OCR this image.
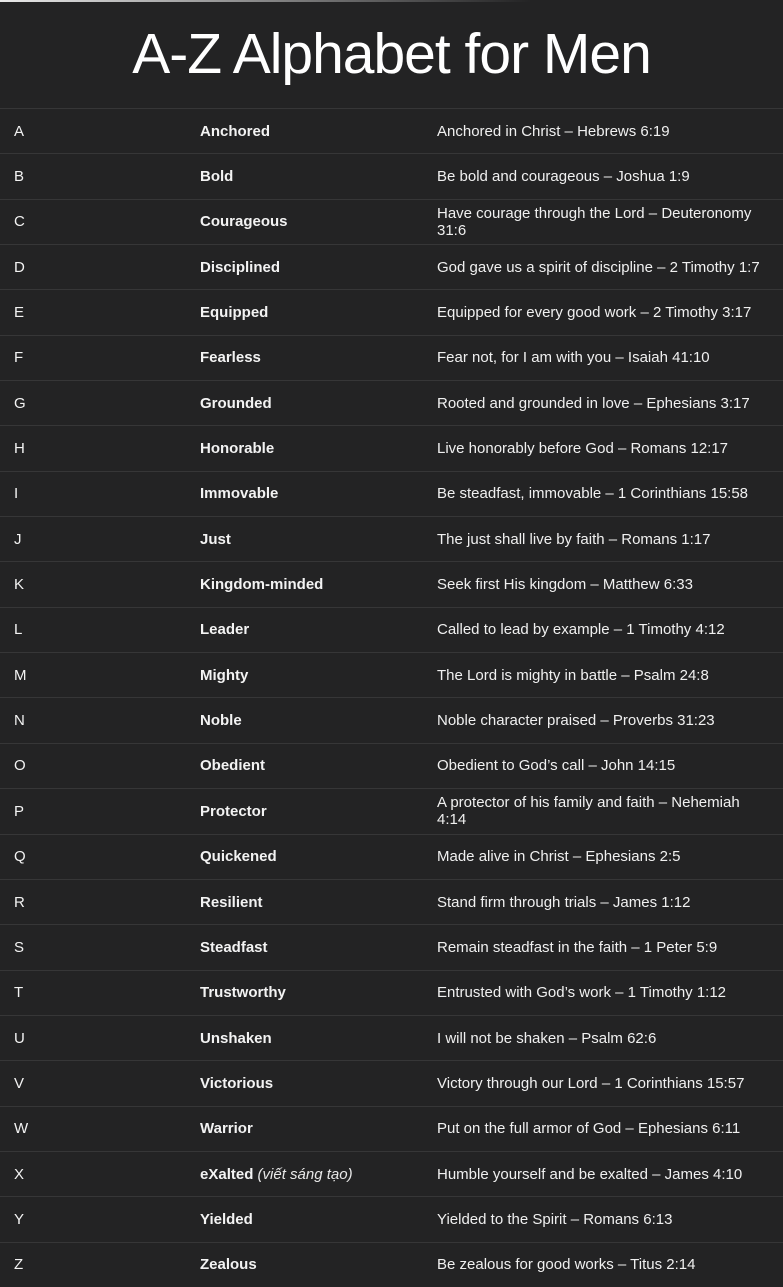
A-Z Alphabet for Men
A	Anchored	Anchored in Christ – Hebrews 6:19
B	Bold	Be bold and courageous – Joshua 1:9
C	Courageous	Have courage through the Lord – Deuteronomy 31:6
D	Disciplined	God gave us a spirit of discipline – 2 Timothy 1:7
E	Equipped	Equipped for every good work – 2 Timothy 3:17
F	Fearless	Fear not, for I am with you – Isaiah 41:10
G	Grounded	Rooted and grounded in love – Ephesians 3:17
H	Honorable	Live honorably before God – Romans 12:17
I	Immovable	Be steadfast, immovable – 1 Corinthians 15:58
J	Just	The just shall live by faith – Romans 1:17
K	Kingdom-minded	Seek first His kingdom – Matthew 6:33
L	Leader	Called to lead by example – 1 Timothy 4:12
M	Mighty	The Lord is mighty in battle – Psalm 24:8
N	Noble	Noble character praised – Proverbs 31:23
O	Obedient	Obedient to God’s call – John 14:15
P	Protector	A protector of his family and faith – Nehemiah 4:14
Q	Quickened	Made alive in Christ – Ephesians 2:5
R	Resilient	Stand firm through trials – James 1:12
S	Steadfast	Remain steadfast in the faith – 1 Peter 5:9
T	Trustworthy	Entrusted with God’s work – 1 Timothy 1:12
U	Unshaken	I will not be shaken – Psalm 62:6
V	Victorious	Victory through our Lord – 1 Corinthians 15:57
W	Warrior	Put on the full armor of God – Ephesians 6:11
X	eXalted (viết sáng tạo)	Humble yourself and be exalted – James 4:10
Y	Yielded	Yielded to the Spirit – Romans 6:13
Z	Zealous	Be zealous for good works – Titus 2:14
